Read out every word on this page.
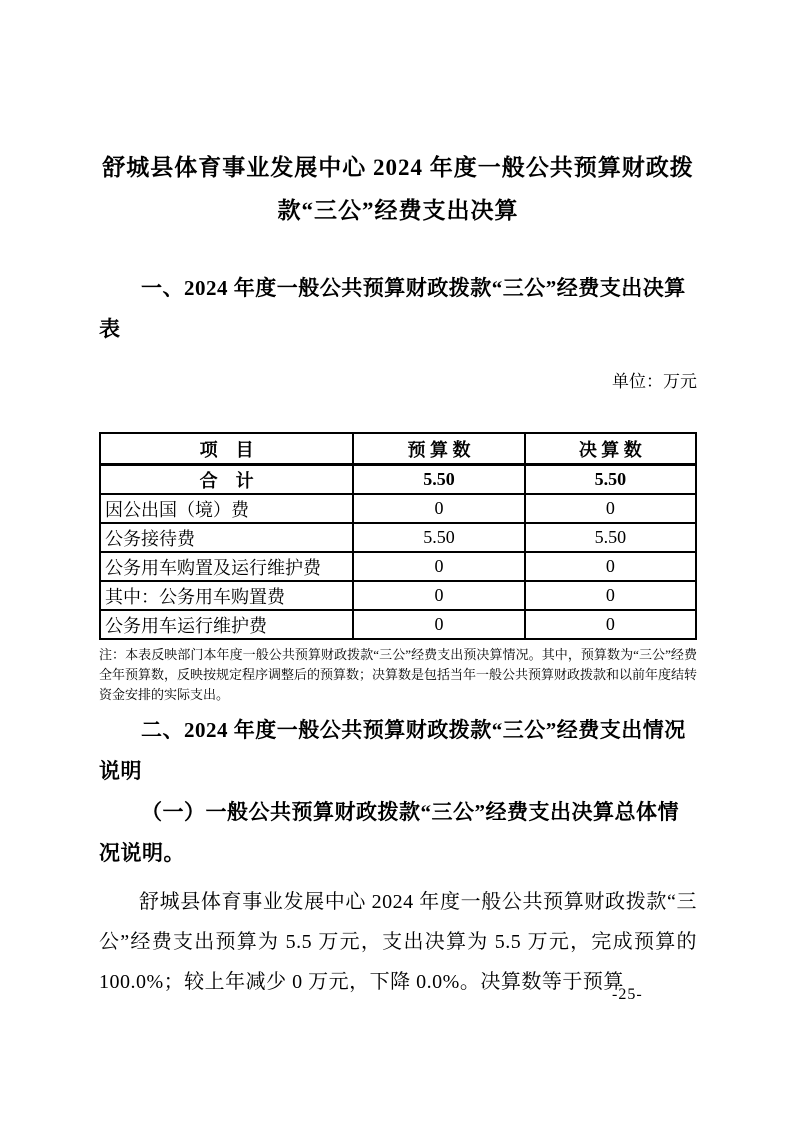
舒城县体育事业发展中心 2024 年度一般公共预算财政拨款“三公”经费支出决算
一、2024 年度一般公共预算财政拨款“三公”经费支出决算表
单位：万元
项　目	预 算 数	决 算 数
合　计	5.50	5.50
因公出国（境）费	0	0
公务接待费	5.50	5.50
公务用车购置及运行维护费	0	0
其中：公务用车购置费	0	0
公务用车运行维护费	0	0

注：本表反映部门本年度一般公共预算财政拨款“三公”经费支出预决算情况。其中，预算数为“三公”经费全年预算数，反映按规定程序调整后的预算数；决算数是包括当年一般公共预算财政拨款和以前年度结转资金安排的实际支出。

二、2024 年度一般公共预算财政拨款“三公”经费支出情况说明
（一）一般公共预算财政拨款“三公”经费支出决算总体情况说明。

舒城县体育事业发展中心 2024 年度一般公共预算财政拨款“三公”经费支出预算为 5.5 万元，支出决算为 5.5 万元，完成预算的 100.0%；较上年减少 0 万元，下降 0.0%。决算数等于预算

-25-
